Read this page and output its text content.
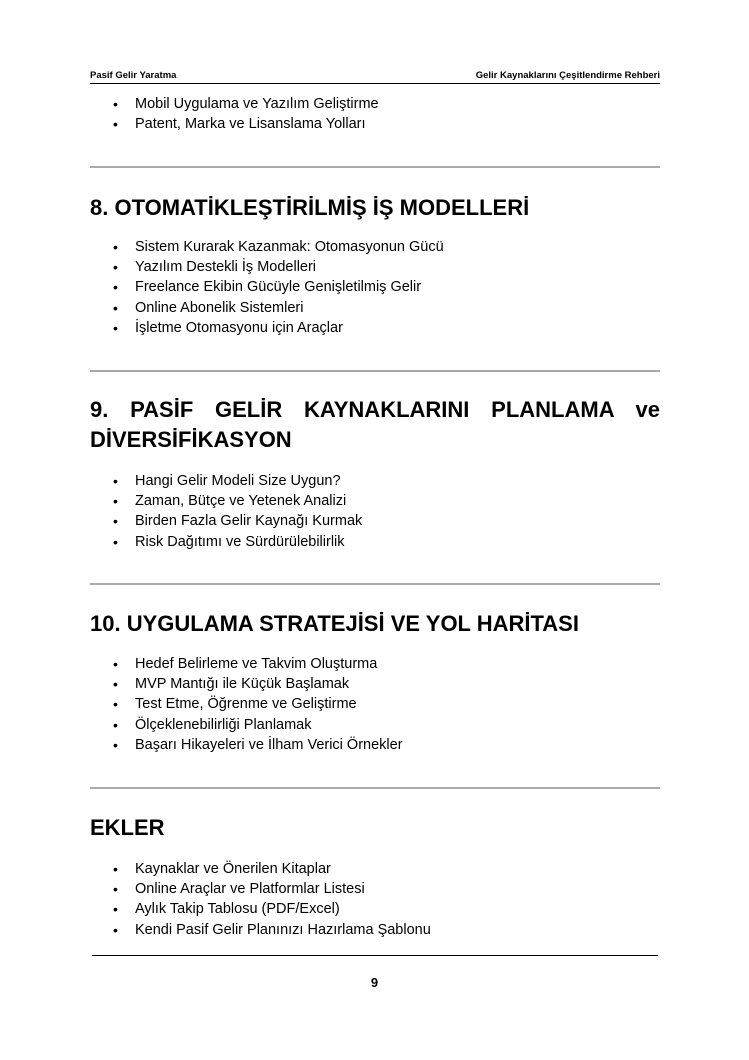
Pasif Gelir Yaratma	Gelir Kaynaklarını Çeşitlendirme Rehberi
• Mobil Uygulama ve Yazılım Geliştirme
• Patent, Marka ve Lisanslama Yolları
8. OTOMATİKLEŞTİRİLMİŞ İŞ MODELLERİ
• Sistem Kurarak Kazanmak: Otomasyonun Gücü
• Yazılım Destekli İş Modelleri
• Freelance Ekibin Gücüyle Genişletilmiş Gelir
• Online Abonelik Sistemleri
• İşletme Otomasyonu için Araçlar
9. PASİF GELİR KAYNAKLARINI PLANLAMA ve DİVERSİFİKASYON
• Hangi Gelir Modeli Size Uygun?
• Zaman, Bütçe ve Yetenek Analizi
• Birden Fazla Gelir Kaynağı Kurmak
• Risk Dağıtımı ve Sürdürülebilirlik
10. UYGULAMA STRATEJİSİ VE YOL HARİTASI
• Hedef Belirleme ve Takvim Oluşturma
• MVP Mantığı ile Küçük Başlamak
• Test Etme, Öğrenme ve Geliştirme
• Ölçeklenebilirliği Planlamak
• Başarı Hikayeleri ve İlham Verici Örnekler
EKLER
• Kaynaklar ve Önerilen Kitaplar
• Online Araçlar ve Platformlar Listesi
• Aylık Takip Tablosu (PDF/Excel)
• Kendi Pasif Gelir Planınızı Hazırlama Şablonu
9
